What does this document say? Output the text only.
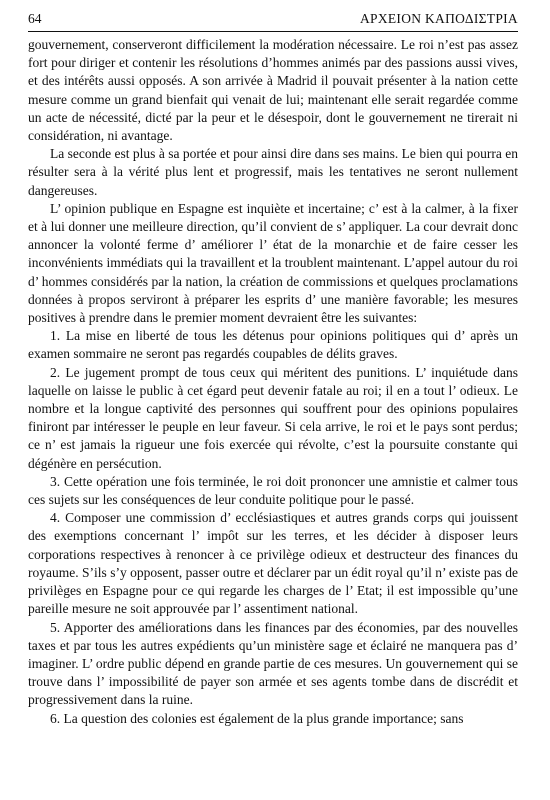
64	ΑΡΧΕΙΟΝ ΚΑΠΟΔΙΣΤΡΙΑ

gouvernement, conserveront difficilement la modération nécessaire. Le roi n’est pas assez fort pour diriger et contenir les résolutions d’hommes animés par des passions aussi vives, et des intérêts aussi opposés. A son arrivée à Madrid il pouvait présenter à la nation cette mesure comme un grand bienfait qui venait de lui; maintenant elle serait regardée comme un acte de nécessité, dicté par la peur et le désespoir, dont le gouvernement ne tirerait ni considération, ni avantage.

La seconde est plus à sa portée et pour ainsi dire dans ses mains. Le bien qui pourra en résulter sera à la vérité plus lent et progressif, mais les tentatives ne seront nullement dangereuses.

L’ opinion publique en Espagne est inquiète et incertaine; c’ est à la calmer, à la fixer et à lui donner une meilleure direction, qu’il convient de s’ appliquer. La cour devrait donc annoncer la volonté ferme d’ améliorer l’ état de la monarchie et de faire cesser les inconvénients immédiats qui la travaillent et la troublent maintenant. L’appel autour du roi d’ hommes considérés par la nation, la création de commissions et quelques proclamations données à propos serviront à préparer les esprits d’ une manière favorable; les mesures positives à prendre dans le premier moment devraient être les suivantes:

1. La mise en liberté de tous les détenus pour opinions politiques qui d’ après un examen sommaire ne seront pas regardés coupables de délits graves.

2. Le jugement prompt de tous ceux qui méritent des punitions. L’ inquiétude dans laquelle on laisse le public à cet égard peut devenir fatale au roi; il en a tout l’ odieux. Le nombre et la longue captivité des personnes qui souffrent pour des opinions populaires finiront par intéresser le peuple en leur faveur. Si cela arrive, le roi et le pays sont perdus; ce n’ est jamais la rigueur une fois exercée qui révolte, c’est la poursuite constante qui dégénère en persécution.

3. Cette opération une fois terminée, le roi doit prononcer une amnistie et calmer tous ces sujets sur les conséquences de leur conduite politique pour le passé.

4. Composer une commission d’ ecclésiastiques et autres grands corps qui jouissent des exemptions concernant l’ impôt sur les terres, et les décider à disposer leurs corporations respectives à renoncer à ce privilège odieux et destructeur des finances du royaume. S’ils s’y opposent, passer outre et déclarer par un édit royal qu’il n’ existe pas de privilèges en Espagne pour ce qui regarde les charges de l’ Etat; il est impossible qu’une pareille mesure ne soit approuvée par l’ assentiment national.

5. Apporter des améliorations dans les finances par des économies, par des nouvelles taxes et par tous les autres expédients qu’un ministère sage et éclairé ne manquera pas d’ imaginer. L’ ordre public dépend en grande partie de ces mesures. Un gouvernement qui se trouve dans l’ impossibilité de payer son armée et ses agents tombe dans de discrédit et progressivement dans la ruine.

6. La question des colonies est également de la plus grande importance; sans
